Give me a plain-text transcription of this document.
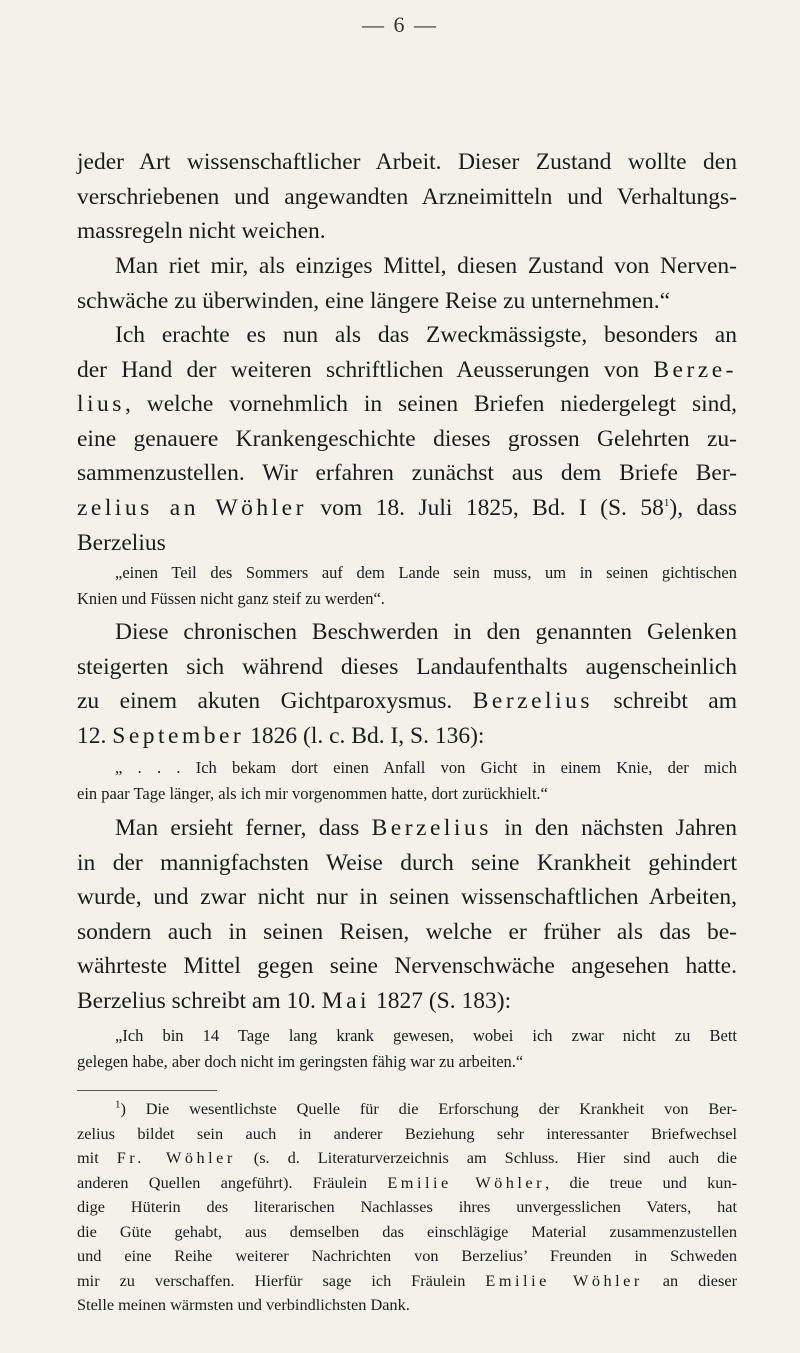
— 6 —
jeder Art wissenschaftlicher Arbeit. Dieser Zustand wollte den
verschriebenen und angewandten Arzneimitteln und Verhaltungs-
massregeln nicht weichen.
Man riet mir, als einziges Mittel, diesen Zustand von Nerven-
schwäche zu überwinden, eine längere Reise zu unternehmen.“
Ich erachte es nun als das Zweckmässigste, besonders an
der Hand der weiteren schriftlichen Aeusserungen von Berze-
lius, welche vornehmlich in seinen Briefen niedergelegt sind,
eine genauere Krankengeschichte dieses grossen Gelehrten zu-
sammenzustellen. Wir erfahren zunächst aus dem Briefe Ber-
zelius an Wöhler vom 18. Juli 1825, Bd. I (S. $58^1$), dass
Berzelius
„einen Teil des Sommers auf dem Lande sein muss, um in seinen gichtischen
Knien und Füssen nicht ganz steif zu werden“.
Diese chronischen Beschwerden in den genannten Gelenken
steigerten sich während dieses Landaufenthalts augenscheinlich
zu einem akuten Gichtparoxysmus. Berzelius schreibt am
12. September 1826 (l. c. Bd. I, S. 136):
„ . . . Ich bekam dort einen Anfall von Gicht in einem Knie, der mich
ein paar Tage länger, als ich mir vorgenommen hatte, dort zurückhielt.“
Man ersieht ferner, dass Berzelius in den nächsten Jahren
in der mannigfachsten Weise durch seine Krankheit gehindert
wurde, und zwar nicht nur in seinen wissenschaftlichen Arbeiten,
sondern auch in seinen Reisen, welche er früher als das be-
währteste Mittel gegen seine Nervenschwäche angesehen hatte.
Berzelius schreibt am 10. Mai 1827 (S. 183):
„Ich bin 14 Tage lang krank gewesen, wobei ich zwar nicht zu Bett
gelegen habe, aber doch nicht im geringsten fähig war zu arbeiten.“
$^1$) Die wesentlichste Quelle für die Erforschung der Krankheit von Ber-
zelius bildet sein auch in anderer Beziehung sehr interessanter Briefwechsel
mit Fr. Wöhler (s. d. Literaturverzeichnis am Schluss. Hier sind auch die
anderen Quellen angeführt). Fräulein Emilie Wöhler, die treue und kun-
dige Hüterin des literarischen Nachlasses ihres unvergesslichen Vaters, hat
die Güte gehabt, aus demselben das einschlägige Material zusammenzustellen
und eine Reihe weiterer Nachrichten von Berzelius’ Freunden in Schweden
mir zu verschaffen. Hierfür sage ich Fräulein Emilie Wöhler an dieser
Stelle meinen wärmsten und verbindlichsten Dank.
